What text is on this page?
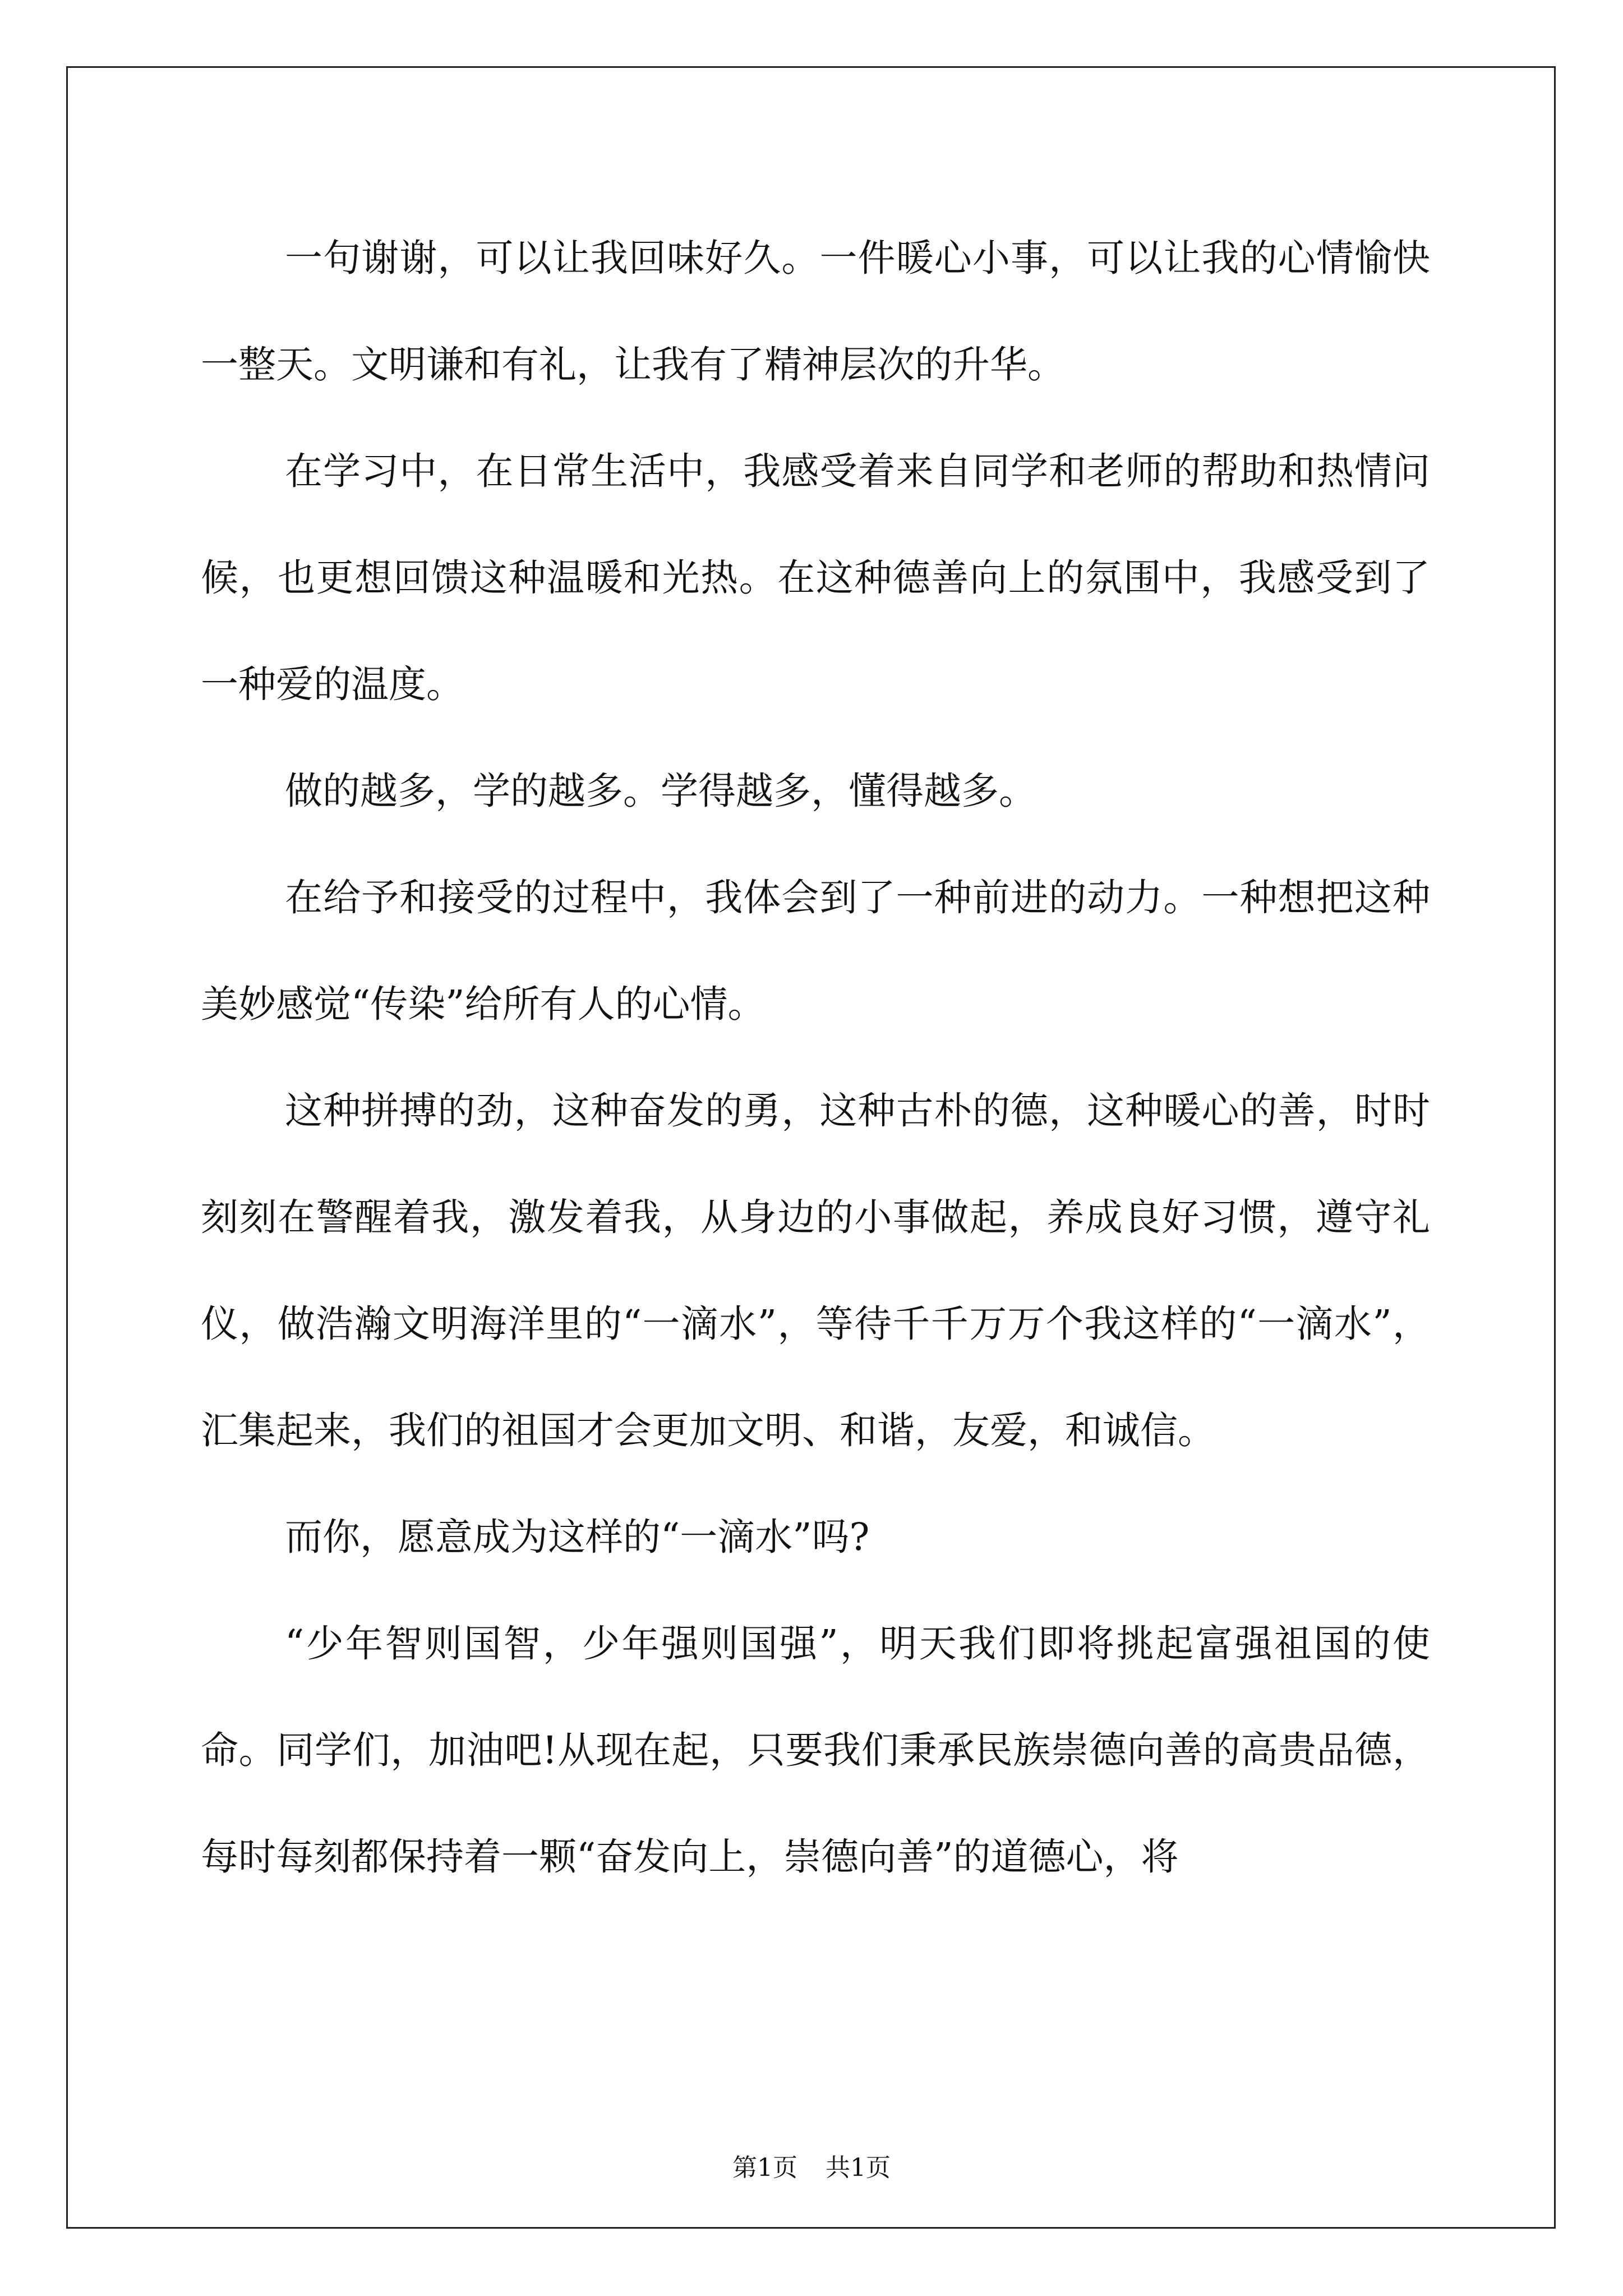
一句谢谢，可以让我回味好久。一件暖心小事，可以让我的心情愉快一整天。文明谦和有礼，让我有了精神层次的升华。

在学习中，在日常生活中，我感受着来自同学和老师的帮助和热情问候，也更想回馈这种温暖和光热。在这种德善向上的氛围中，我感受到了一种爱的温度。

做的越多，学的越多。学得越多，懂得越多。

在给予和接受的过程中，我体会到了一种前进的动力。一种想把这种美妙感觉“传染”给所有人的心情。

这种拼搏的劲，这种奋发的勇，这种古朴的德，这种暖心的善，时时刻刻在警醒着我，激发着我，从身边的小事做起，养成良好习惯，遵守礼仪，做浩瀚文明海洋里的“一滴水”，等待千千万万个我这样的“一滴水”，汇集起来，我们的祖国才会更加文明、和谐，友爱，和诚信。

而你，愿意成为这样的“一滴水”吗?

“少年智则国智，少年强则国强”，明天我们即将挑起富强祖国的使命。同学们，加油吧!从现在起，只要我们秉承民族崇德向善的高贵品德，每时每刻都保持着一颗“奋发向上，崇德向善”的道德心，将

第1页 共1页
